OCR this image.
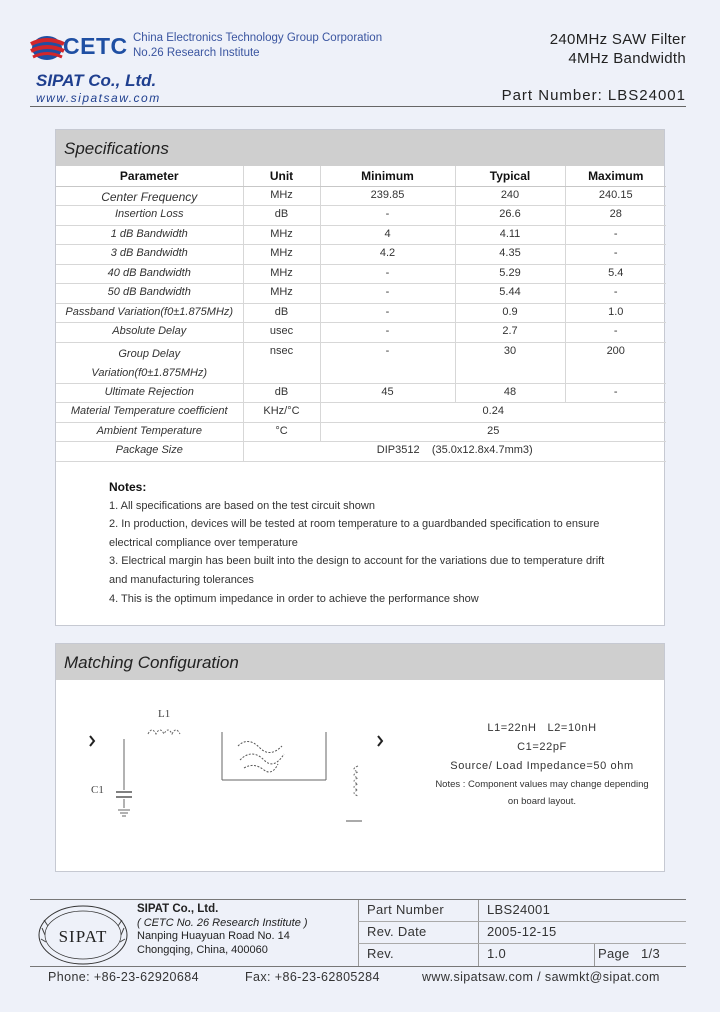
CETC China Electronics Technology Group Corporation
No.26 Research Institute
SIPAT Co., Ltd.
www.sipatsaw.com
240MHz SAW Filter
4MHz Bandwidth
Part Number: LBS24001
Specifications
Parameter	Unit	Minimum	Typical	Maximum
Center Frequency	MHz	239.85	240	240.15
Insertion Loss	dB	-	26.6	28
1 dB Bandwidth	MHz	4	4.11	-
3 dB Bandwidth	MHz	4.2	4.35	-
40 dB Bandwidth	MHz	-	5.29	5.4
50 dB Bandwidth	MHz	-	5.44	-
Passband Variation(f0±1.875MHz)	dB	-	0.9	1.0
Absolute Delay	usec	-	2.7	-

Group Delay
Variation(f0±1.875MHz)	nsec	-	30	200
Ultimate Rejection	dB	45	48	-
Material Temperature coefficient	KHz/°C	0.24		
Ambient Temperature	°C	25		
Package Size	DIP3512    (35.0x12.8x4.7mm3)			
Notes:
1. All specifications are based on the test circuit shown
2. In production, devices will be tested at room temperature to a guardbanded specification to ensure
electrical compliance over temperature
3. Electrical margin has been built into the design to account for the variations due to temperature drift
and manufacturing tolerances
4. This is the optimum impedance in order to achieve the performance show
Matching Configuration
L1
C1
L1=22nH   L2=10nH
C1=22pF
Source/ Load Impedance=50 ohm
Notes : Component values may change depending
on board layout.
SIPAT
SIPAT Co., Ltd.
( CETC No. 26 Research Institute )
Nanping Huayuan Road No. 14
Chongqing, China, 400060
Part Number	LBS24001
Rev. Date	2005-12-15
Rev.	1.0	Page 1/3
Phone: +86-23-62920684	Fax: +86-23-62805284	www.sipatsaw.com / sawmkt@sipat.com
